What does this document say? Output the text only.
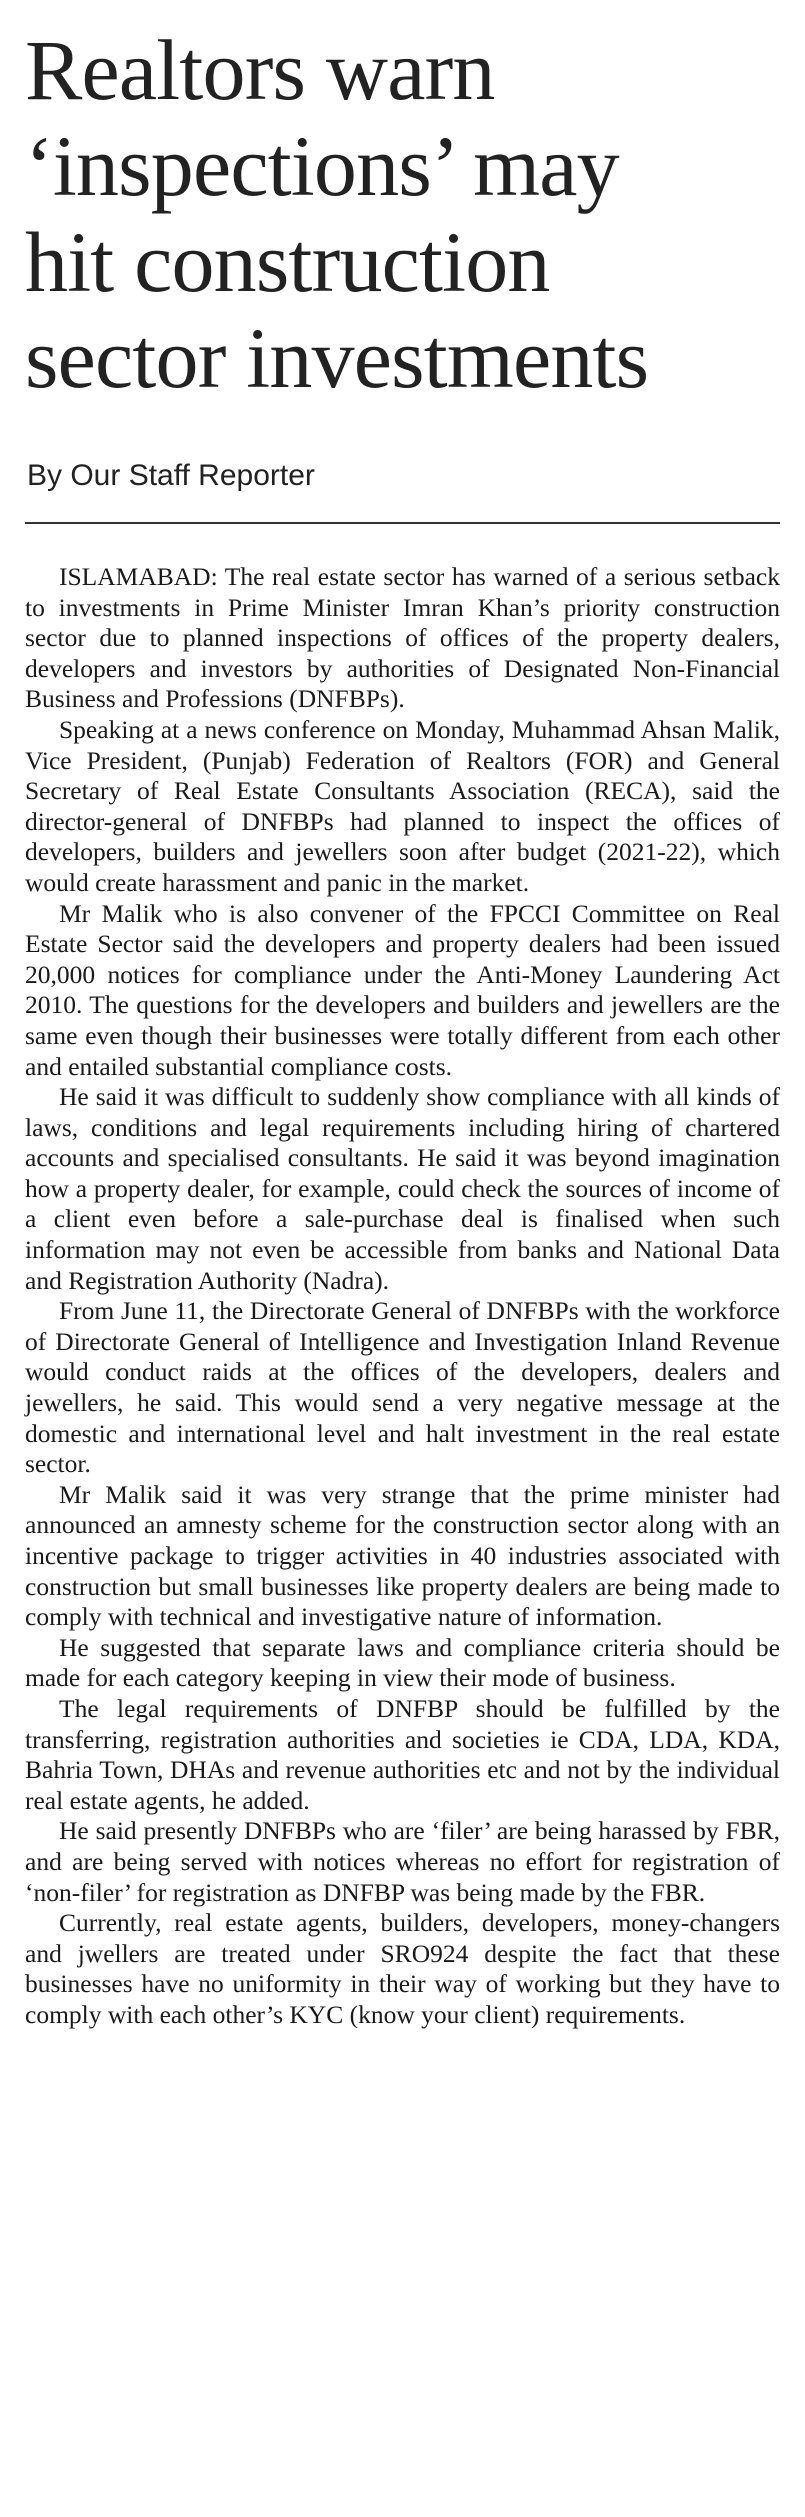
Realtors warn
‘inspections’ may
hit construction
sector investments
By Our Staff Reporter

ISLAMABAD: The real estate sector has warned of a serious setback to investments in Prime Minister Imran Khan’s priority construction sector due to planned inspections of offices of the property dealers, developers and investors by authorities of Designated Non-Financial Business and Professions (DNFBPs).

Speaking at a news conference on Monday, Muhammad Ahsan Malik, Vice President, (Punjab) Federation of Realtors (FOR) and General Secretary of Real Estate Consultants Association (RECA), said the director-general of DNFBPs had planned to inspect the offices of developers, builders and jewellers soon after budget (2021-22), which would create harassment and panic in the market.

Mr Malik who is also convener of the FPCCI Committee on Real Estate Sector said the developers and property dealers had been issued 20,000 notices for compliance under the Anti-Money Laundering Act 2010. The questions for the developers and builders and jewellers are the same even though their businesses were totally different from each other and entailed substantial compliance costs.

He said it was difficult to suddenly show compliance with all kinds of laws, conditions and legal requirements including hiring of chartered accounts and specialised consultants. He said it was beyond imagination how a property dealer, for example, could check the sources of income of a client even before a sale-purchase deal is finalised when such information may not even be accessible from banks and National Data and Registration Authority (Nadra).

From June 11, the Directorate General of DNFBPs with the workforce of Directorate General of Intelligence and Investigation Inland Revenue would conduct raids at the offices of the developers, dealers and jewellers, he said. This would send a very negative message at the domestic and international level and halt investment in the real estate sector.

Mr Malik said it was very strange that the prime minister had announced an amnesty scheme for the construction sector along with an incentive package to trigger activities in 40 industries associated with construction but small businesses like property dealers are being made to comply with technical and investigative nature of information.

He suggested that separate laws and compliance criteria should be made for each category keeping in view their mode of business.

The legal requirements of DNFBP should be fulfilled by the transferring, registration authorities and societies ie CDA, LDA, KDA, Bahria Town, DHAs and revenue authorities etc and not by the individual real estate agents, he added.

He said presently DNFBPs who are ‘filer’ are being harassed by FBR, and are being served with notices whereas no effort for registration of ‘non-filer’ for registration as DNFBP was being made by the FBR.

Currently, real estate agents, builders, developers, money-changers and jwellers are treated under SRO924 despite the fact that these businesses have no uniformity in their way of working but they have to comply with each other’s KYC (know your client) requirements.
